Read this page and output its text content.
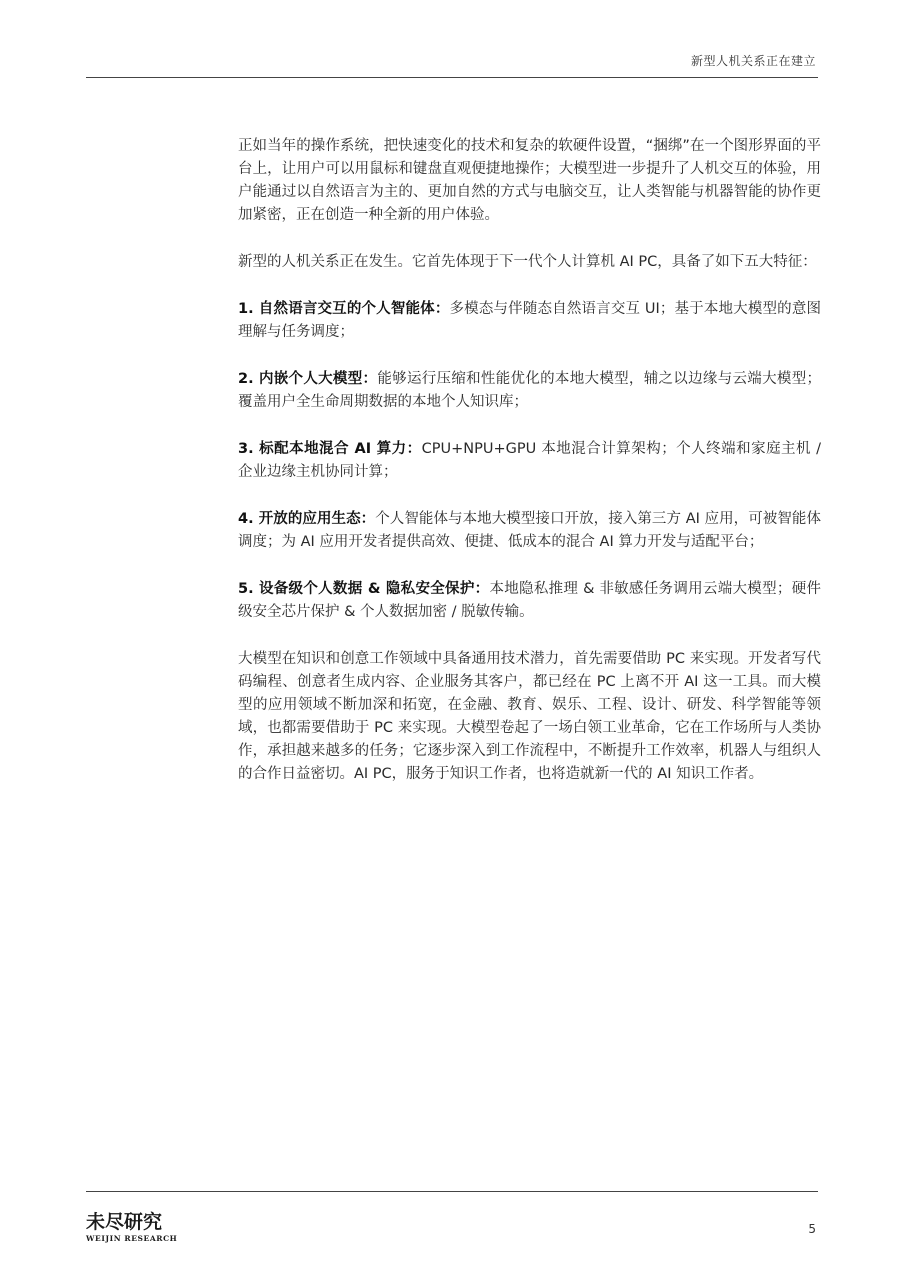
新型人机关系正在建立

正如当年的操作系统，把快速变化的技术和复杂的软硬件设置，“捆绑”在一个图形界面的平台上，让用户可以用鼠标和键盘直观便捷地操作；大模型进一步提升了人机交互的体验，用户能通过以自然语言为主的、更加自然的方式与电脑交互，让人类智能与机器智能的协作更加紧密，正在创造一种全新的用户体验。

新型的人机关系正在发生。它首先体现于下一代个人计算机 AI PC，具备了如下五大特征：

1. 自然语言交互的个人智能体：多模态与伴随态自然语言交互 UI；基于本地大模型的意图理解与任务调度；

2. 内嵌个人大模型：能够运行压缩和性能优化的本地大模型，辅之以边缘与云端大模型；覆盖用户全生命周期数据的本地个人知识库；

3. 标配本地混合 AI 算力：CPU+NPU+GPU 本地混合计算架构；个人终端和家庭主机 / 企业边缘主机协同计算；

4. 开放的应用生态：个人智能体与本地大模型接口开放，接入第三方 AI 应用，可被智能体调度；为 AI 应用开发者提供高效、便捷、低成本的混合 AI 算力开发与适配平台；

5. 设备级个人数据 & 隐私安全保护：本地隐私推理 & 非敏感任务调用云端大模型；硬件级安全芯片保护 & 个人数据加密 / 脱敏传输。

大模型在知识和创意工作领域中具备通用技术潜力，首先需要借助 PC 来实现。开发者写代码编程、创意者生成内容、企业服务其客户，都已经在 PC 上离不开 AI 这一工具。而大模型的应用领域不断加深和拓宽，在金融、教育、娱乐、工程、设计、研发、科学智能等领域，也都需要借助于 PC 来实现。大模型卷起了一场白领工业革命，它在工作场所与人类协作，承担越来越多的任务；它逐步深入到工作流程中，不断提升工作效率，机器人与组织人的合作日益密切。AI PC，服务于知识工作者，也将造就新一代的 AI 知识工作者。

未尽研究
WEIJIN RESEARCH
5
